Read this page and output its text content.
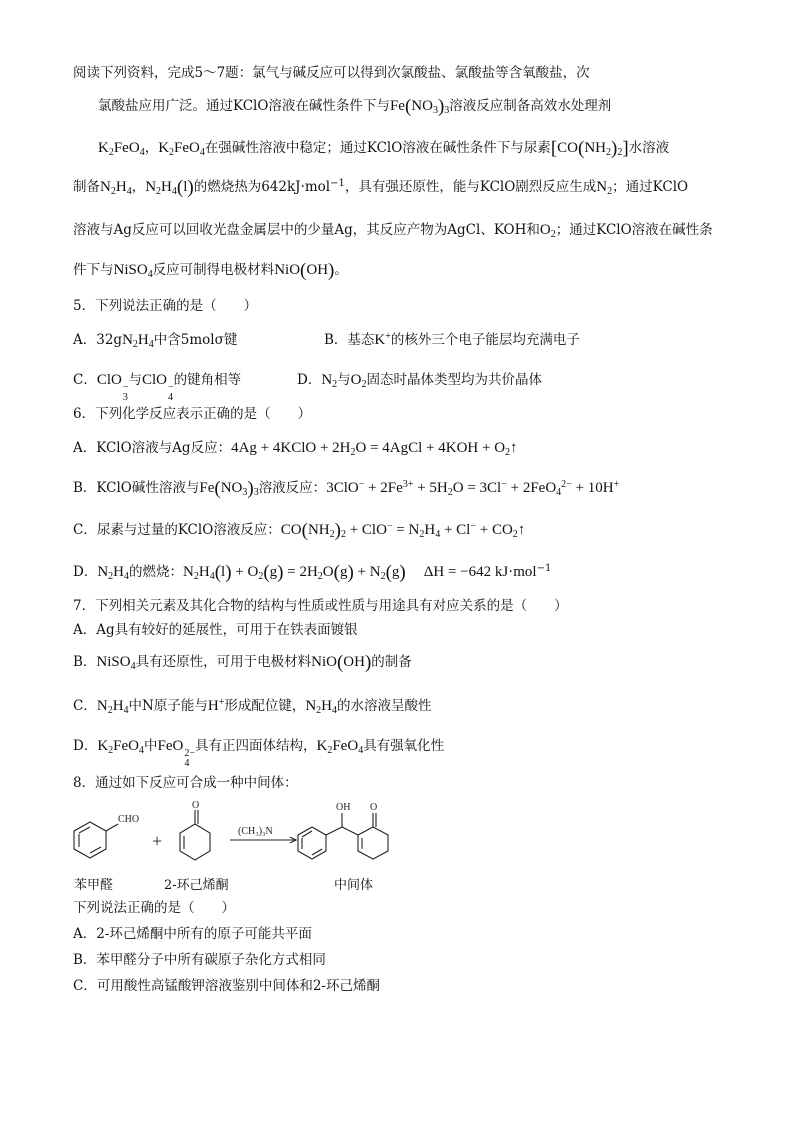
阅读下列资料，完成5～7题：氯气与碱反应可以得到次氯酸盐、氯酸盐等含氧酸盐，次
氯酸盐应用广泛。通过KClO溶液在碱性条件下与$Fe(NO_3)_3$溶液反应制备高效水处理剂
$K_2FeO_4$，$K_2FeO_4$在强碱性溶液中稳定；通过KClO溶液在碱性条件下与尿素$[CO(NH_2)_2]$水溶液
制备$N_2H_4$，$N_2H_4(l)$的燃烧热为642kJ·mol$^{-1}$，具有强还原性，能与KClO剧烈反应生成$N_2$；通过KClO
溶液与Ag反应可以回收光盘金属层中的少量Ag，其反应产物为AgCl、KOH和$O_2$；通过KClO溶液在碱性条
件下与NiSO$_4$反应可制得电极材料NiO(OH)。
5．下列说法正确的是（　　）
A．$32gN_2H_4$中含5molσ键	B．基态K+的核外三个电子能层均充满电子
C．ClO −
3
与ClO −
4
的键角相等	D．$N_2$与$O_2$固态时晶体类型均为共价晶体
6．下列化学反应表示正确的是（　　）
A．KClO溶液与Ag反应：4Ag + 4KClO + $2H_2O$ = 4AgCl + $4KOH + O_2↑$
B．KClO碱性溶液与$Fe(NO_3)_3$溶液反应：$3ClO^- + 2Fe^{3+} + 5H_2O = 3Cl^- + 2FeO_4^{2-} + 10H^+$
C．尿素与过量的KClO溶液反应：$CO(NH_2)_2 + ClO^- = N_2H_4 + Cl^-$ + $CO_2↑$
D．$N_2H_4$的燃烧：$N_2H_4(l) + O_2(g) = 2H_2O(g) + N_2(g) \Delta H = -642$ kJ·mol$^{-1}$
7．下列相关元素及其化合物的结构与性质或性质与用途具有对应关系的是（　　）
A．Ag具有较好的延展性，可用于在铁表面镀银
B．NiSO$_4$具有还原性，可用于电极材料NiO(OH)的制备
C．$N_2H_4$中N原子能与H+形成配位键，$N_2H_4$的水溶液呈酸性
D．$K_2FeO_4$中FeO 2−
4
具有正四面体结构，$K_2FeO_4$具有强氧化性
8．通过如下反应可合成一种中间体：
CHO
O	OH O
(CH₃)₃N
+
苯甲醛	2-环己烯酮	中间体
下列说法正确的是（　　）
A．2-环己烯酮中所有的原子可能共平面
B．苯甲醛分子中所有碳原子杂化方式相同
C．可用酸性高锰酸钾溶液鉴别中间体和2-环己烯酮
